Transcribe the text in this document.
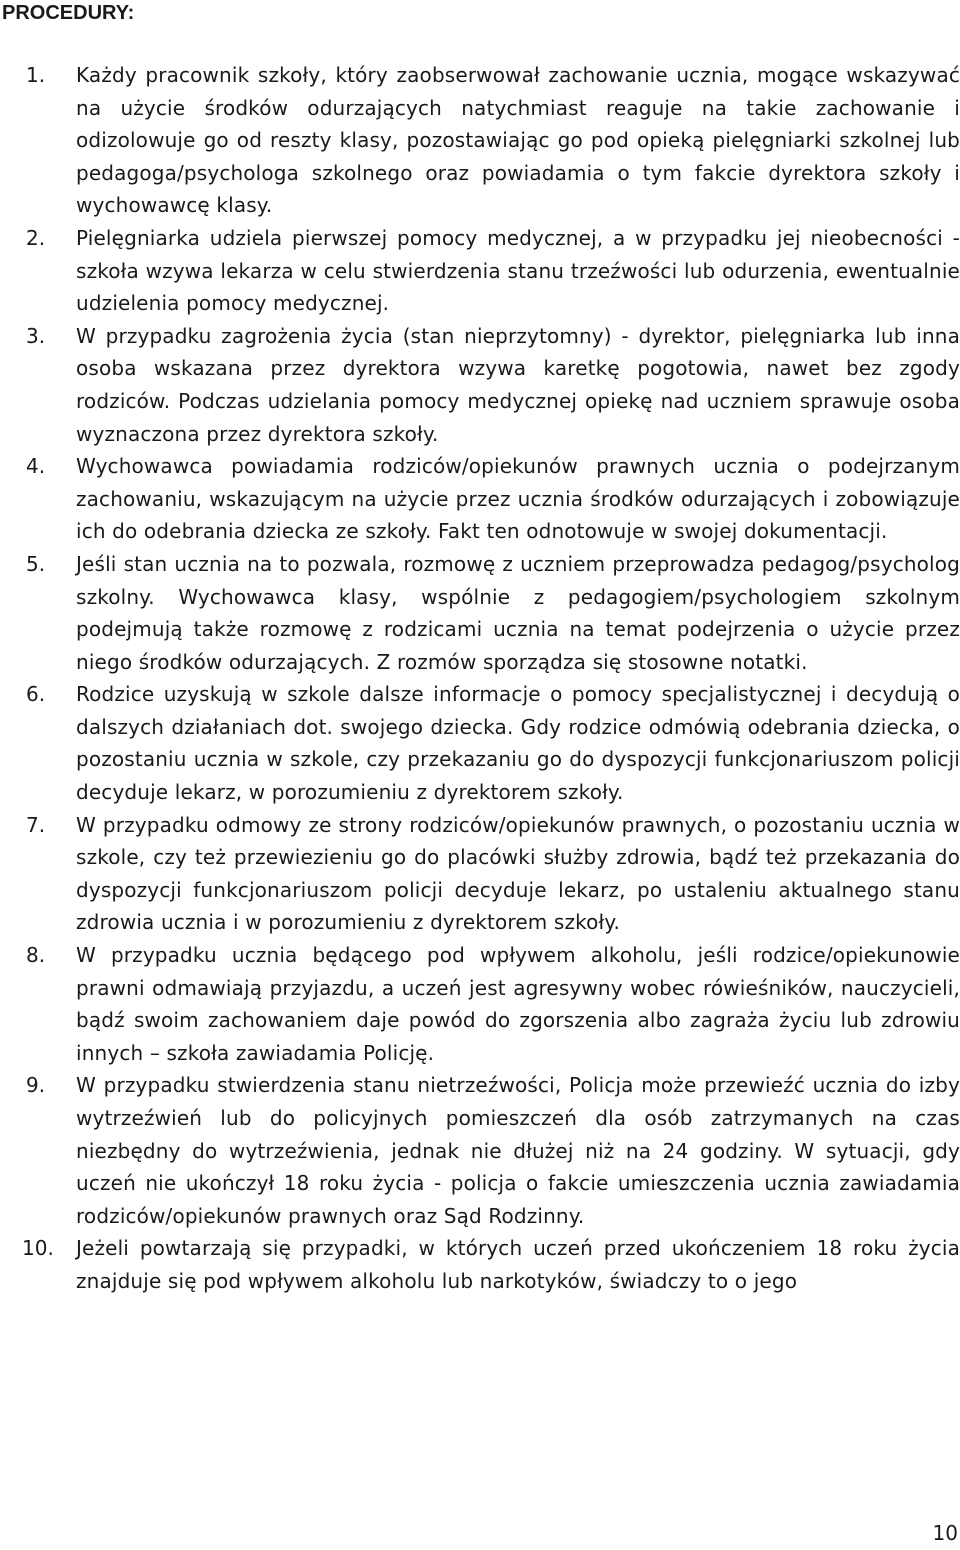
PROCEDURY:
1.	Każdy pracownik szkoły, który zaobserwował zachowanie ucznia, mogące wskazywać na użycie środków odurzających natychmiast reaguje na takie zachowanie i odizolowuje go od reszty klasy, pozostawiając go pod opieką pielęgniarki szkolnej lub pedagoga/psychologa szkolnego oraz powiadamia o tym fakcie dyrektora szkoły i wychowawcę klasy.

2.	Pielęgniarka udziela pierwszej pomocy medycznej, a w przypadku jej nieobecności - szkoła wzywa lekarza w celu stwierdzenia stanu trzeźwości lub odurzenia, ewentualnie udzielenia pomocy medycznej.

3.	W przypadku zagrożenia życia (stan nieprzytomny) - dyrektor, pielęgniarka lub inna osoba wskazana przez dyrektora wzywa karetkę pogotowia, nawet bez zgody rodziców. Podczas udzielania pomocy medycznej opiekę nad uczniem sprawuje osoba wyznaczona przez dyrektora szkoły.

4.	Wychowawca powiadamia rodziców/opiekunów prawnych ucznia o podejrzanym zachowaniu, wskazującym na użycie przez ucznia środków odurzających i zobowiązuje ich do odebrania dziecka ze szkoły. Fakt ten odnotowuje w swojej dokumentacji.

5.	Jeśli stan ucznia na to pozwala, rozmowę z uczniem przeprowadza pedagog/psycholog szkolny. Wychowawca klasy, wspólnie z pedagogiem/psychologiem szkolnym podejmują także rozmowę z rodzicami ucznia na temat podejrzenia o użycie przez niego środków odurzających. Z rozmów sporządza się stosowne notatki.

6.	Rodzice uzyskują w szkole dalsze informacje o pomocy specjalistycznej i decydują o dalszych działaniach dot. swojego dziecka. Gdy rodzice odmówią odebrania dziecka, o pozostaniu ucznia w szkole, czy przekazaniu go do dyspozycji funkcjonariuszom policji decyduje lekarz, w porozumieniu z dyrektorem szkoły.

7.	W przypadku odmowy ze strony rodziców/opiekunów prawnych, o pozostaniu ucznia w szkole, czy też przewiezieniu go do placówki służby zdrowia, bądź też przekazania do dyspozycji funkcjonariuszom policji decyduje lekarz, po ustaleniu aktualnego stanu zdrowia ucznia i w porozumieniu z dyrektorem szkoły.

8.	W przypadku ucznia będącego pod wpływem alkoholu, jeśli rodzice/opiekunowie prawni odmawiają przyjazdu, a uczeń jest agresywny wobec rówieśników, nauczycieli, bądź swoim zachowaniem daje powód do zgorszenia albo zagraża życiu lub zdrowiu innych – szkoła zawiadamia Policję.

9.	W przypadku stwierdzenia stanu nietrzeźwości, Policja może przewieźć ucznia do izby wytrzeźwień lub do policyjnych pomieszczeń dla osób zatrzymanych na czas niezbędny do wytrzeźwienia, jednak nie dłużej niż na 24 godziny. W sytuacji, gdy uczeń nie ukończył 18 roku życia - policja o fakcie umieszczenia ucznia zawiadamia rodziców/opiekunów prawnych oraz Sąd Rodzinny.

10.	Jeżeli powtarzają się przypadki, w których uczeń przed ukończeniem 18 roku życia znajduje się pod wpływem alkoholu lub narkotyków, świadczy to o jego

10
